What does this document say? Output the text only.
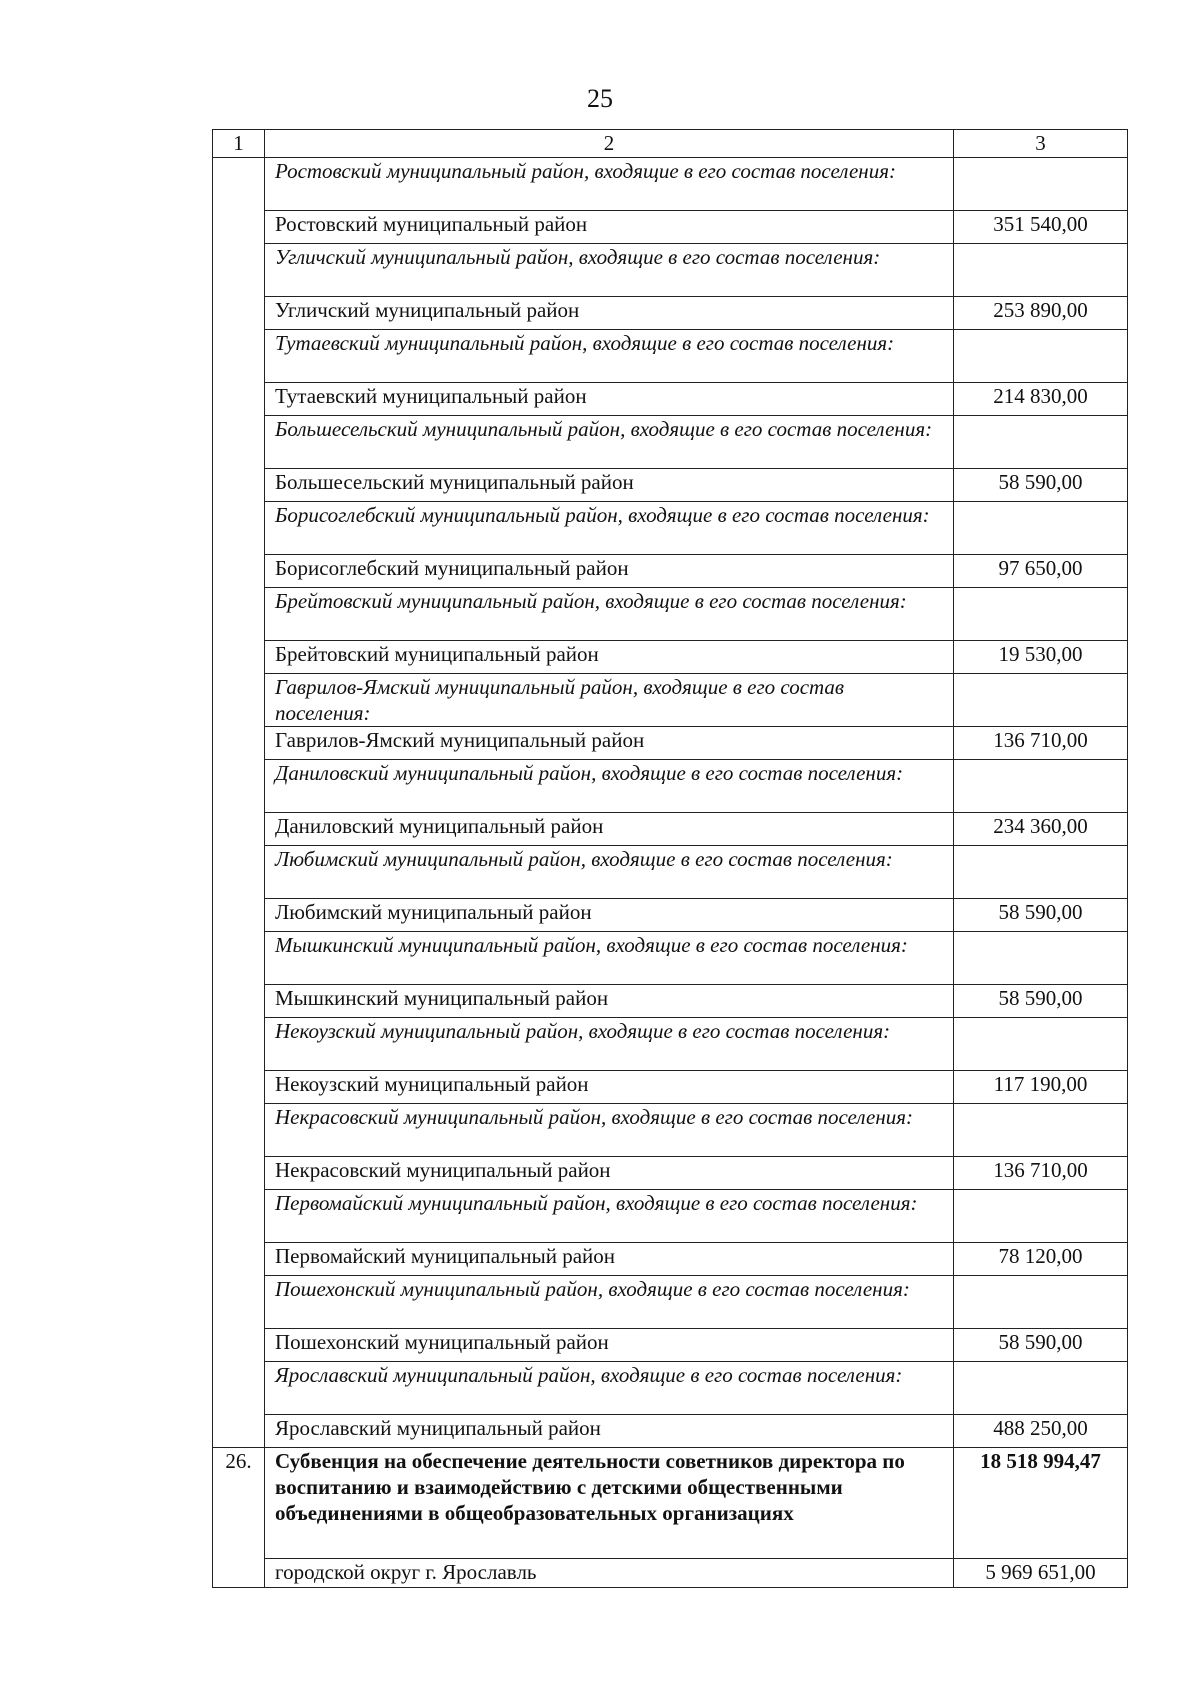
25
1	2	3
	Ростовский муниципальный район, входящие в его состав поселения:	
	Ростовский муниципальный район	351 540,00
	Угличский муниципальный район, входящие в его состав поселения:	
	Угличский муниципальный район	253 890,00
	Тутаевский муниципальный район, входящие в его состав поселения:	
	Тутаевский муниципальный район	214 830,00
	Большесельский муниципальный район, входящие в его состав поселения:	
	Большесельский муниципальный район	58 590,00
	Борисоглебский муниципальный район, входящие в его состав поселения:	
	Борисоглебский муниципальный район	97 650,00
	Брейтовский муниципальный район, входящие в его состав поселения:	
	Брейтовский муниципальный район	19 530,00
	Гаврилов-Ямский муниципальный район, входящие в его состав поселения:	
	Гаврилов-Ямский муниципальный район	136 710,00
	Даниловский муниципальный район, входящие в его состав поселения:	
	Даниловский муниципальный район	234 360,00
	Любимский муниципальный район, входящие в его состав поселения:	
	Любимский муниципальный район	58 590,00
	Мышкинский муниципальный район, входящие в его состав поселения:	
	Мышкинский муниципальный район	58 590,00
	Некоузский муниципальный район, входящие в его состав поселения:	
	Некоузский муниципальный район	117 190,00
	Некрасовский муниципальный район, входящие в его состав поселения:	
	Некрасовский муниципальный район	136 710,00
	Первомайский муниципальный район, входящие в его состав поселения:	
	Первомайский муниципальный район	78 120,00
	Пошехонский муниципальный район, входящие в его состав поселения:	
	Пошехонский муниципальный район	58 590,00
	Ярославский муниципальный район, входящие в его состав поселения:	
	Ярославский муниципальный район	488 250,00
26.	Субвенция на обеспечение деятельности советников директора по воспитанию и взаимодействию с детскими общественными объединениями в общеобразовательных организациях	18 518 994,47
	городской округ г. Ярославль	5 969 651,00
